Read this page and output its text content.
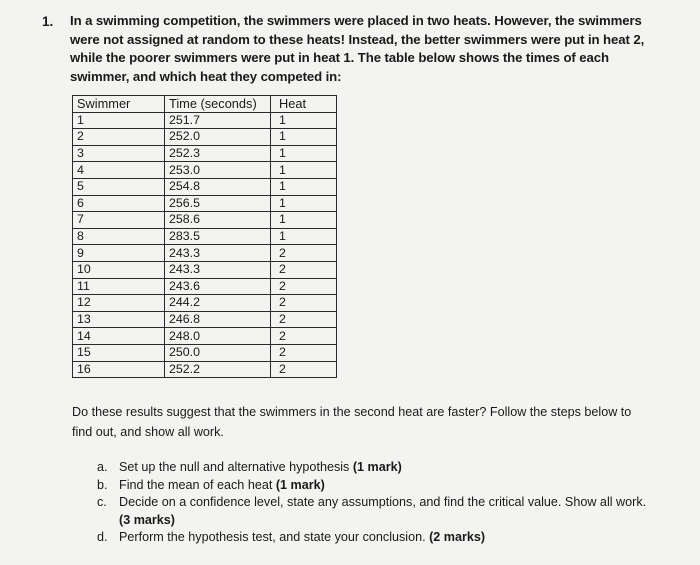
1. In a swimming competition, the swimmers were placed in two heats. However, the swimmers were not assigned at random to these heats! Instead, the better swimmers were put in heat 2, while the poorer swimmers were put in heat 1. The table below shows the times of each swimmer, and which heat they competed in:
Swimmer	Time (seconds)	Heat
1	251.7	1
2	252.0	1
3	252.3	1
4	253.0	1
5	254.8	1
6	256.5	1
7	258.6	1
8	283.5	1
9	243.3	2
10	243.3	2
11	243.6	2
12	244.2	2
13	246.8	2
14	248.0	2
15	250.0	2
16	252.2	2
Do these results suggest that the swimmers in the second heat are faster? Follow the steps below to find out, and show all work.
a. Set up the null and alternative hypothesis (1 mark)
b. Find the mean of each heat (1 mark)
c. Decide on a confidence level, state any assumptions, and find the critical value. Show all work. (3 marks)
d. Perform the hypothesis test, and state your conclusion. (2 marks)
